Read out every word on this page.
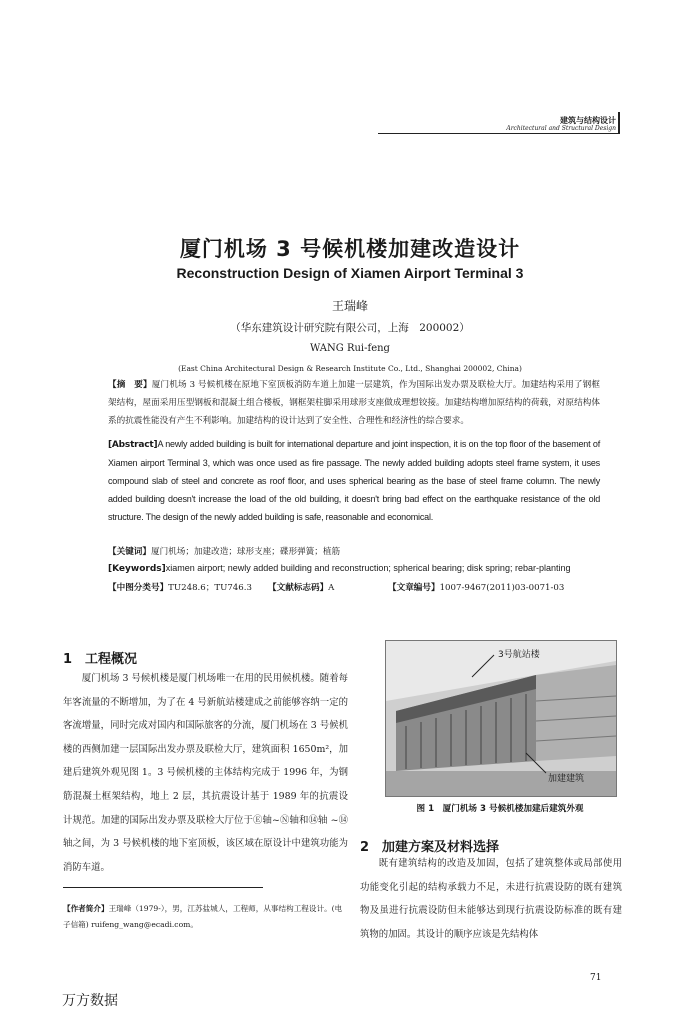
建筑与结构设计
Architectural and Structural Design
厦门机场 3 号候机楼加建改造设计
Reconstruction Design of Xiamen Airport Terminal 3
王瑞峰
（华东建筑设计研究院有限公司，上海　200002）
WANG Rui-feng
(East China Architectural Design & Research Institute Co., Ltd., Shanghai 200002, China)
【摘　要】厦门机场 3 号候机楼在原地下室顶板消防车道上加建一层建筑，作为国际出发办票及联检大厅。加建结构采用了钢框架结构，屋面采用压型钢板和混凝土组合楼板，钢框架柱脚采用球形支座做成理想铰接。加建结构增加原结构的荷载，对原结构体系的抗震性能没有产生不利影响。加建结构的设计达到了安全性、合理性和经济性的综合要求。
[Abstract]A newly added building is built for international departure and joint inspection, it is on the top floor of the basement of Xiamen airport Terminal 3, which was once used as fire passage. The newly added building adopts steel frame system, it uses compound slab of steel and concrete as roof floor, and uses spherical bearing as the base of steel frame column. The newly added building doesn't increase the load of the old building, it doesn't bring bad effect on the earthquake resistance of the old structure. The design of the newly added building is safe, reasonable and economical.
【关键词】厦门机场；加建改造；球形支座；碟形弹簧；植筋
[Keywords]xiamen airport; newly added building and reconstruction; spherical bearing; disk spring; rebar-planting
【中图分类号】TU248.6；TU746.3 【文献标志码】A	【文章编号】1007-9467(2011)03-0071-03
1 工程概况
厦门机场 3 号候机楼是厦门机场唯一在用的民用候机楼。随着每年客流量的不断增加，为了在 4 号新航站楼建成之前能够容纳一定的客流增量，同时完成对国内和国际旅客的分流，厦门机场在 3 号候机楼的西侧加建一层国际出发办票及联检大厅，建筑面积 1650m²，加建后建筑外观见图 1。3 号候机楼的主体结构完成于 1996 年，为钢筋混凝土框架结构，地上 2 层，其抗震设计基于 1989 年的抗震设计规范。加建的国际出发办票及联检大厅位于Ⓔ轴~Ⓝ轴和⑭轴 ~⑭轴之间，为 3 号候机楼的地下室顶板，该区域在原设计中建筑功能为消防车道。
3号航站楼
加建建筑
图 1　厦门机场 3 号候机楼加建后建筑外观
2 加建方案及材料选择
既有建筑结构的改造及加固，包括了建筑整体或局部使用功能变化引起的结构承载力不足，未进行抗震设防的既有建筑物及虽进行抗震设防但未能够达到现行抗震设防标准的既有建筑物的加固。其设计的顺序应该是先结构体
【作者简介】王瑞峰（1979-），男，江苏盐城人，工程师，从事结构工程设计。(电子信箱) ruifeng_wang@ecadi.com。
71
万方数据
